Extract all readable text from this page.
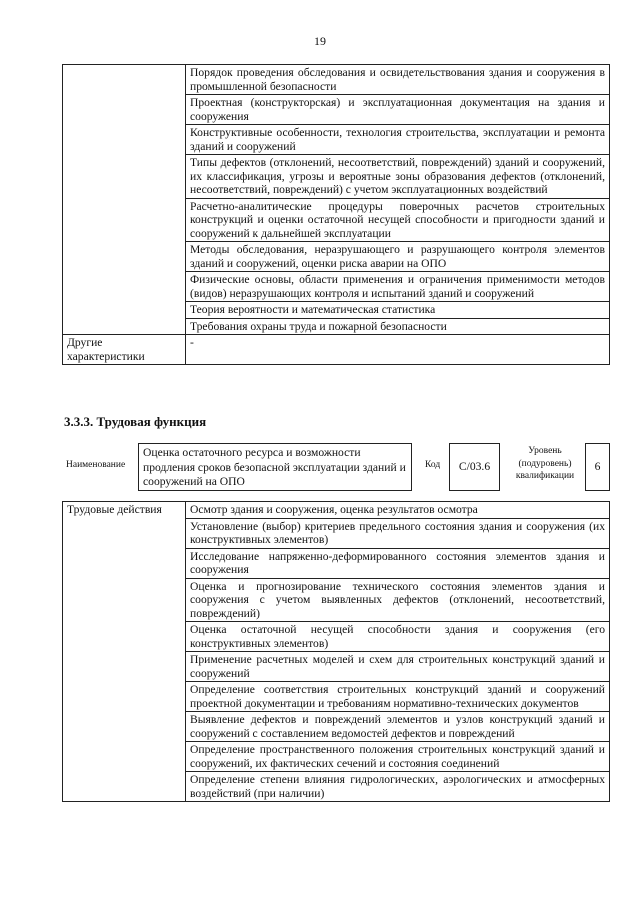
19
	Порядок проведения обследования и освидетельствования здания и сооружения в промышленной безопасности
	Проектная (конструкторская) и эксплуатационная документация на здания и сооружения
	Конструктивные особенности, технология строительства, эксплуатации и ремонта зданий и сооружений
	Типы дефектов (отклонений, несоответствий, повреждений) зданий и сооружений, их классификация, угрозы и вероятные зоны образования дефектов (отклонений, несоответствий, повреждений) с учетом эксплуатационных воздействий
	Расчетно-аналитические процедуры поверочных расчетов строительных конструкций и оценки остаточной несущей способности и пригодности зданий и сооружений к дальнейшей эксплуатации
	Методы обследования, неразрушающего и разрушающего контроля элементов зданий и сооружений, оценки риска аварии на ОПО
	Физические основы, области применения и ограничения применимости методов (видов) неразрушающих контроля и испытаний зданий и сооружений
	Теория вероятности и математическая статистика
	Требования охраны труда и пожарной безопасности
Другие характеристики	-
3.3.3. Трудовая функция
Наименование
Оценка остаточного ресурса и возможности продления сроков безопасной эксплуатации зданий и сооружений на ОПО
Код	С/03.6
Уровень (подуровень) квалификации
6
Трудовые действия	Осмотр здания и сооружения, оценка результатов осмотра
Установление (выбор) критериев предельного состояния здания и сооружения (их конструктивных элементов)
Исследование напряженно-деформированного состояния элементов здания и сооружения
Оценка и прогнозирование технического состояния элементов здания и сооружения с учетом выявленных дефектов (отклонений, несоответствий, повреждений)
Оценка остаточной несущей способности здания и сооружения (его конструктивных элементов)
Применение расчетных моделей и схем для строительных конструкций зданий и сооружений
Определение соответствия строительных конструкций зданий и сооружений проектной документации и требованиям нормативно-технических документов
Выявление дефектов и повреждений элементов и узлов конструкций зданий и сооружений с составлением ведомостей дефектов и повреждений
Определение пространственного положения строительных конструкций зданий и сооружений, их фактических сечений и состояния соединений
Определение степени влияния гидрологических, аэрологических и атмосферных воздействий (при наличии)
